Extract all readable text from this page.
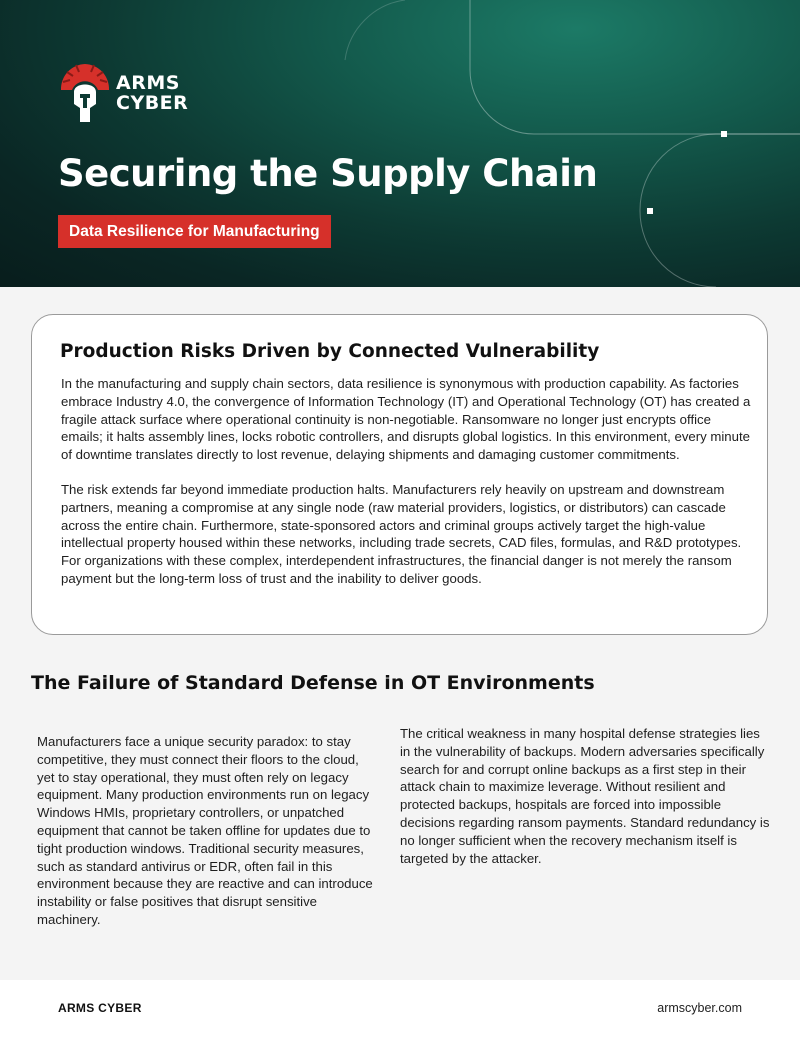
ARMS
CYBER
Securing the Supply Chain
Data Resilience for Manufacturing
Production Risks Driven by Connected Vulnerability

In the manufacturing and supply chain sectors, data resilience is synonymous with production capability. As factories embrace Industry 4.0, the convergence of Information Technology (IT) and Operational Technology (OT) has created a fragile attack surface where operational continuity is non-negotiable. Ransomware no longer just encrypts office emails; it halts assembly lines, locks robotic controllers, and disrupts global logistics. In this environment, every minute of downtime translates directly to lost revenue, delaying shipments and damaging customer commitments.

The risk extends far beyond immediate production halts. Manufacturers rely heavily on upstream and downstream partners, meaning a compromise at any single node (raw material providers, logistics, or distributors) can cascade across the entire chain. Furthermore, state-sponsored actors and criminal groups actively target the high-value intellectual property housed within these networks, including trade secrets, CAD files, formulas, and R&D prototypes. For organizations with these complex, interdependent infrastructures, the financial danger is not merely the ransom payment but the long-term loss of trust and the inability to deliver goods.

The Failure of Standard Defense in OT Environments

Manufacturers face a unique security paradox: to stay competitive, they must connect their floors to the cloud, yet to stay operational, they must often rely on legacy equipment. Many production environments run on legacy Windows HMIs, proprietary controllers, or unpatched equipment that cannot be taken offline for updates due to tight production windows. Traditional security measures, such as standard antivirus or EDR, often fail in this environment because they are reactive and can introduce instability or false positives that disrupt sensitive machinery.

The critical weakness in many hospital defense strategies lies in the vulnerability of backups. Modern adversaries specifically search for and corrupt online backups as a first step in their attack chain to maximize leverage. Without resilient and protected backups, hospitals are forced into impossible decisions regarding ransom payments. Standard redundancy is no longer sufficient when the recovery mechanism itself is targeted by the attacker.

ARMS CYBER	armscyber.com
